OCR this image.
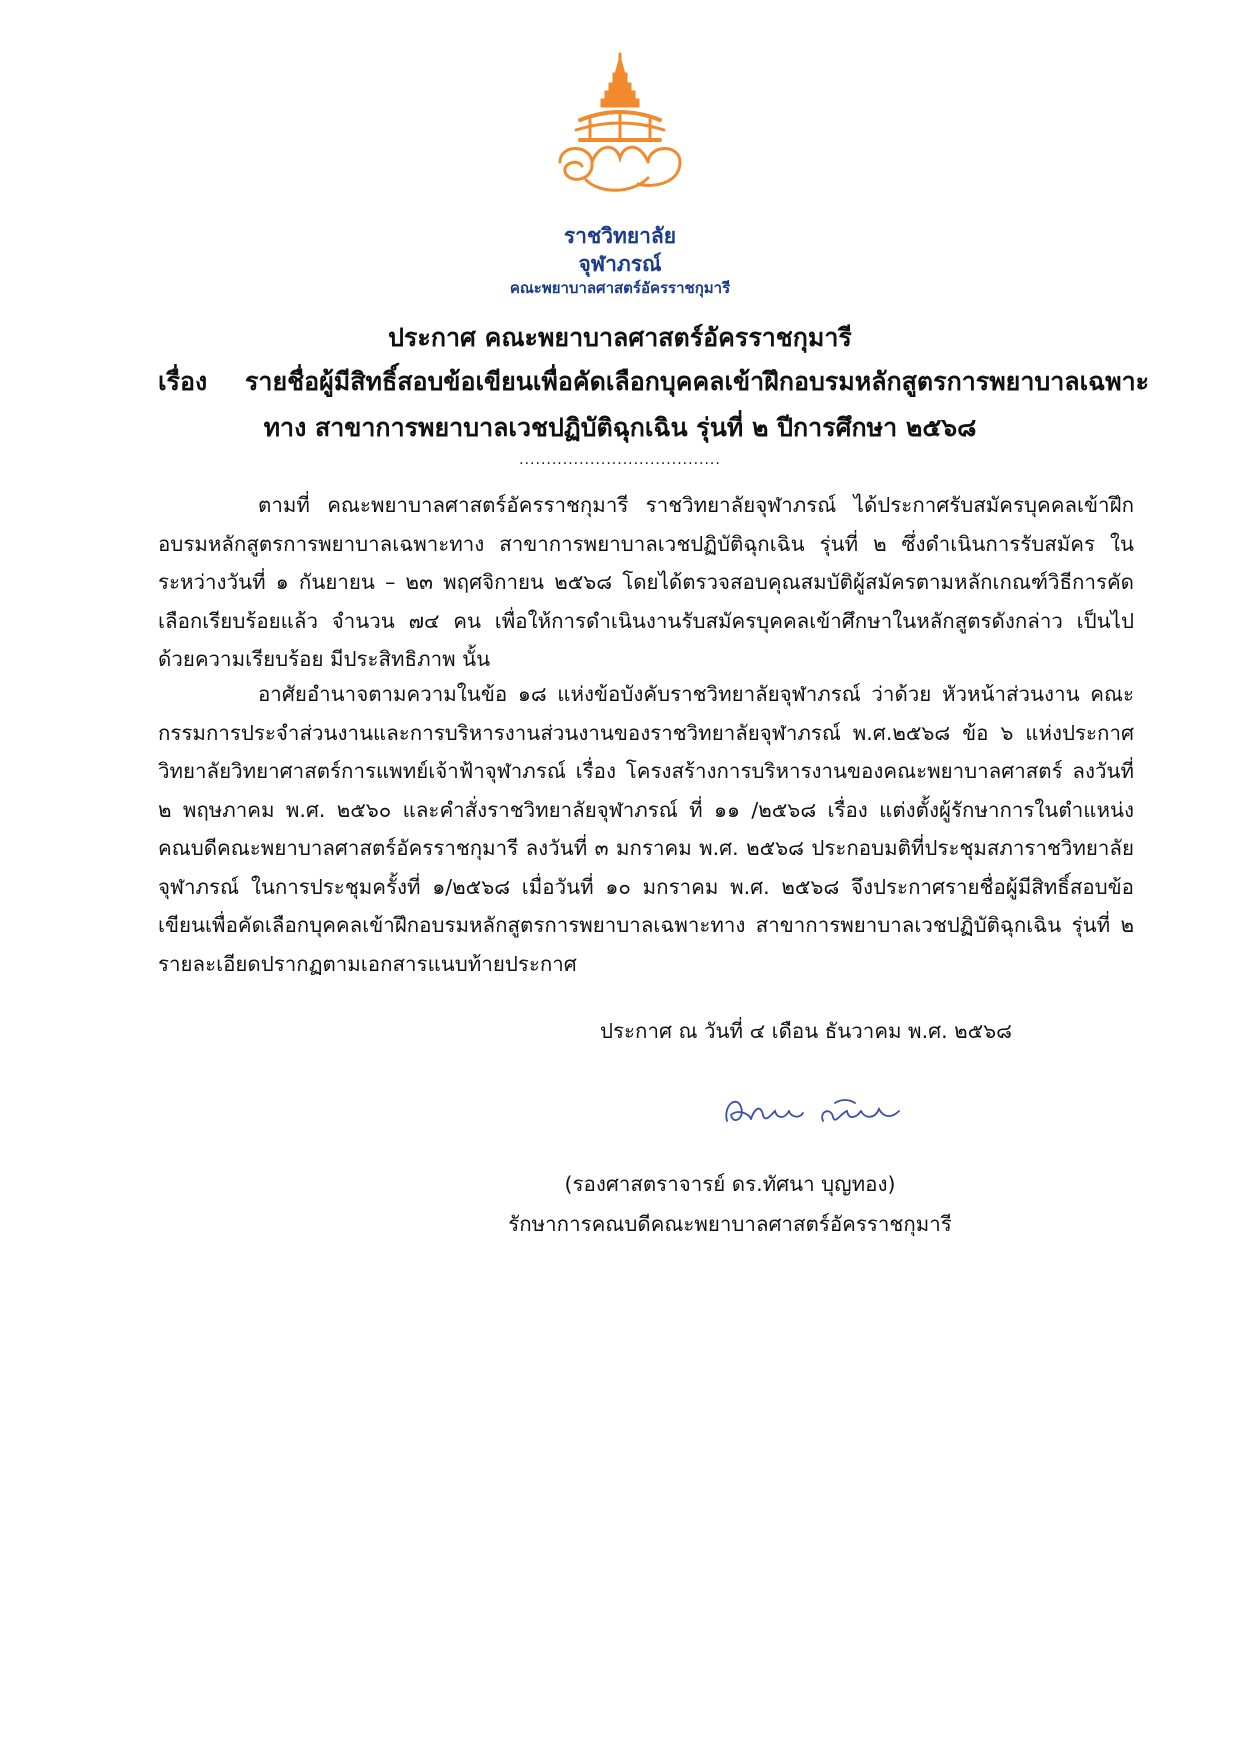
ราชวิทยาลัย
จุฬาภรณ์
คณะพยาบาลศาสตร์อัครราชกุมารี
ประกาศ คณะพยาบาลศาสตร์อัครราชกุมารี
เรื่อง รายชื่อผู้มีสิทธิ์สอบข้อเขียนเพื่อคัดเลือกบุคคลเข้าฝึกอบรมหลักสูตรการพยาบาลเฉพาะ
ทาง สาขาการพยาบาลเวชปฏิบัติฉุกเฉิน รุ่นที่ ๒ ปีการศึกษา ๒๕๖๘
.....................................

ตามที่ คณะพยาบาลศาสตร์อัครราชกุมารี ราชวิทยาลัยจุฬาภรณ์ ได้ประกาศรับสมัครบุคคลเข้าฝึกอบรมหลักสูตรการพยาบาลเฉพาะทาง สาขาการพยาบาลเวชปฏิบัติฉุกเฉิน รุ่นที่ ๒ ซึ่งดำเนินการรับสมัคร ในระหว่างวันที่ ๑ กันยายน – ๒๓ พฤศจิกายน ๒๕๖๘ โดยได้ตรวจสอบคุณสมบัติผู้สมัครตามหลักเกณฑ์วิธีการคัดเลือกเรียบร้อยแล้ว จำนวน ๗๔ คน เพื่อให้การดำเนินงานรับสมัครบุคคลเข้าศึกษาในหลักสูตรดังกล่าว เป็นไปด้วยความเรียบร้อย มีประสิทธิภาพ นั้น

อาศัยอำนาจตามความในข้อ ๑๘ แห่งข้อบังคับราชวิทยาลัยจุฬาภรณ์ ว่าด้วย หัวหน้าส่วนงาน คณะกรรมการประจำส่วนงานและการบริหารงานส่วนงานของราชวิทยาลัยจุฬาภรณ์ พ.ศ.๒๕๖๘ ข้อ ๖ แห่งประกาศวิทยาลัยวิทยาศาสตร์การแพทย์เจ้าฟ้าจุฬาภรณ์ เรื่อง โครงสร้างการบริหารงานของคณะพยาบาลศาสตร์ ลงวันที่ ๒ พฤษภาคม พ.ศ. ๒๕๖๐ และคำสั่งราชวิทยาลัยจุฬาภรณ์ ที่ ๑๑ /๒๕๖๘ เรื่อง แต่งตั้งผู้รักษาการในตำแหน่งคณบดีคณะพยาบาลศาสตร์อัครราชกุมารี ลงวันที่ ๓ มกราคม พ.ศ. ๒๕๖๘ ประกอบมติที่ประชุมสภาราชวิทยาลัยจุฬาภรณ์ ในการประชุมครั้งที่ ๑/๒๕๖๘ เมื่อวันที่ ๑๐ มกราคม พ.ศ. ๒๕๖๘ จึงประกาศรายชื่อผู้มีสิทธิ์สอบข้อเขียนเพื่อคัดเลือกบุคคลเข้าฝึกอบรมหลักสูตรการพยาบาลเฉพาะทาง สาขาการพยาบาลเวชปฏิบัติฉุกเฉิน รุ่นที่ ๒ รายละเอียดปรากฏตามเอกสารแนบท้ายประกาศ

ประกาศ ณ วันที่ ๔ เดือน ธันวาคม พ.ศ. ๒๕๖๘
(รองศาสตราจารย์ ดร.ทัศนา บุญทอง)
รักษาการคณบดีคณะพยาบาลศาสตร์อัครราชกุมารี
